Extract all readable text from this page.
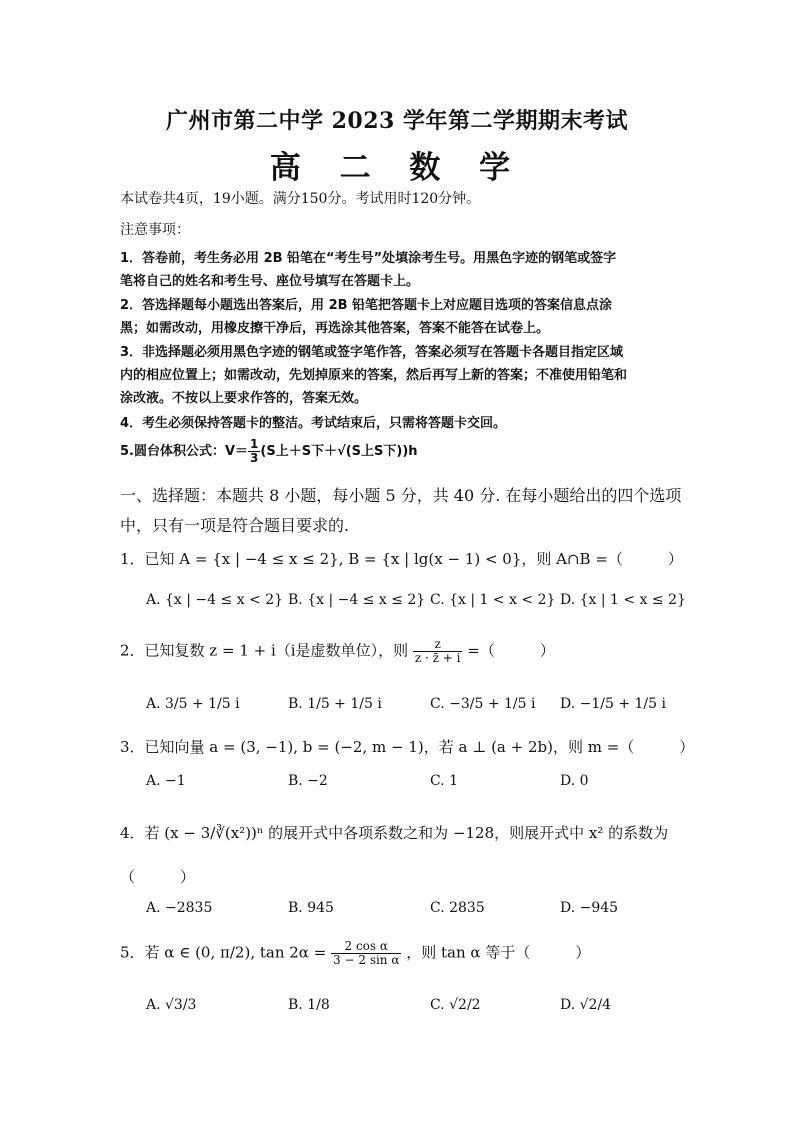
广州市第二中学 2023 学年第二学期期末考试
高 二 数 学
本试卷共4页，19小题。满分150分。考试用时120分钟。
注意事项：
1．答卷前，考生务必用 2B 铅笔在“考生号”处填涂考生号。用黑色字迹的钢笔或签字
笔将自己的姓名和考生号、座位号填写在答题卡上。
2．答选择题每小题选出答案后，用 2B 铅笔把答题卡上对应题目选项的答案信息点涂
黑；如需改动，用橡皮擦干净后，再选涂其他答案，答案不能答在试卷上。
3．非选择题必须用黑色字迹的钢笔或签字笔作答，答案必须写在答题卡各题目指定区域
内的相应位置上；如需改动，先划掉原来的答案，然后再写上新的答案；不准使用铅笔和
涂改液。不按以上要求作答的，答案无效。
4．考生必须保持答题卡的整洁。考试结束后，只需将答题卡交回。
5.圆台体积公式：$V= \frac{1}{3} (S$上＋S下＋√(S上S下))h
一、选择题：本题共 8 小题，每小题 5 分，共 40 分. 在每小题给出的四个选项
中，只有一项是符合题目要求的.
1．已知 A = {x | −4 ≤ x ≤ 2}, B = {x | lg(x − 1) < 0}，则 A∩B =（　　　）
A. {x | −4 ≤ x < 2} B. {x | −4 ≤ x ≤ 2} C. {x | 1 < x < 2} D. {x | 1 < x ≤ 2}
2．已知复数 z = 1 + i（i是虚数单位），则 $\frac{z}{z \cdot z̄ + i}$ =（　　　）
A. 3/5 + 1/5 i	B. 1/5 + 1/5 i	C. −3/5 + 1/5 i D. −1/5 + 1/5 i
3．已知向量 a = (3, −1), b = (−2, m − 1)，若 a ⊥ (a + 2b)，则 m =（　　　）
A. −1	B. −2	C. 1	D. 0
4．若 (x − 3/∛(x²))ⁿ 的展开式中各项系数之和为 −128，则展开式中 x² 的系数为
（　　　）
A. −2835	B. 945	C. 2835	D. −945
5．若 α ∈ (0, π/2), $\tan 2\alpha = \frac{\text{2 cos α}}{\text{3 − 2 sin α}}$ ，则 tan α 等于（　　　）
A. √3/3	B. 1/8	C. √2/2	D. √2/4
